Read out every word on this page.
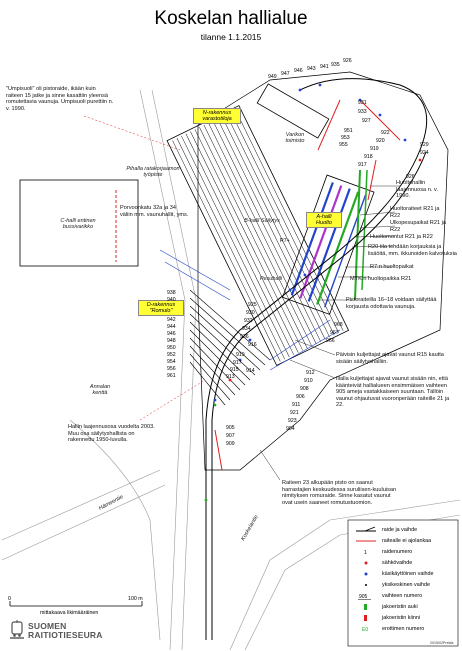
Koskelan hallialue
tilanne 1.1.2015
N-rakennus varastotiloja
B-halli Säilytys
A-halli Huolto
C-halli entinen bussivarikko
D-rakennus "Romulo"
Varikon toimisto
Pesuhalli
R7+
"Umpisuoli" oli pistoraide, ikään kuin raiteen 15 jatke ja sinne kasattiin yleensä romutettavia vaunuja. Umpisuoli purettiin n. v. 1990.
Pihalla ratakorjaamon työpiste
Porvoonkatu 32a ja 34 väliin mm. vaunuhallit, yms.
Huoltohallin laajennuosa n. v. 1990.
Huoltoraiteet R21 ja R22
Ulkopesupaikat R21 ja R22
Huoltomontut R21 ja R22
R20 tila tehdään korjauksia ja lisäöitä, mm. ikkunoiden kalvotuksia
R7:n huoltopaikat
MTK:n huoltopaikka R21
Pistoraiteilla 16–18 voidaan säilyttää korjausta odottavia vaunuja.
Päivisin kuljettajat ajavat vaunut R15 kautta sisään säilytyshalliin.
Illalla kuljettajat ajavat vaunut sisään nin, että käänteivät hallialueen ensimmäisen vaihteen 905 ameja vastakkaiseen suuntaan. Tällöin vaunut ohjautuvat vuoronperään raiteille 21 ja 22.
Hallin laajennusosa vuodelta 2003. Muu osa säilytyshallista on rakennettu 1950-luvulla.
Raiteen 23 alkupään pisto on saanut harrastajien keskuudessa suruliisen-kuuluisan nimityksen romuraide. Sinne kasatut vaunut ovat usein saaneet romutustuomion.
Annalan kenttä
Hämeentie
Koskelantie
949 947 946 943 941 935
926
931
933
927
951
953
955
922
929
920
924
919
918
917
926
938
940
942
944
946
948
950
952
954
956
961
925
930
932
934
936
919
917
915
913
912
910
908
906
905
907
909
911
921
923
904
916
914
968
967
966
raide ja vaihde
raitealle ei ajolankaa
1	raidenumero
sähkövaihde
käsikäyttöinen vaihde
yksikeskinen vaihde
905	vaihteen numero
jakoeristin auki
jakoeristin kiinni
E0	erottimen numero
0	100 m
mittakaava likimääräinen
SUOMEN
RAITIOTIESEURA
2015/02Prelda
